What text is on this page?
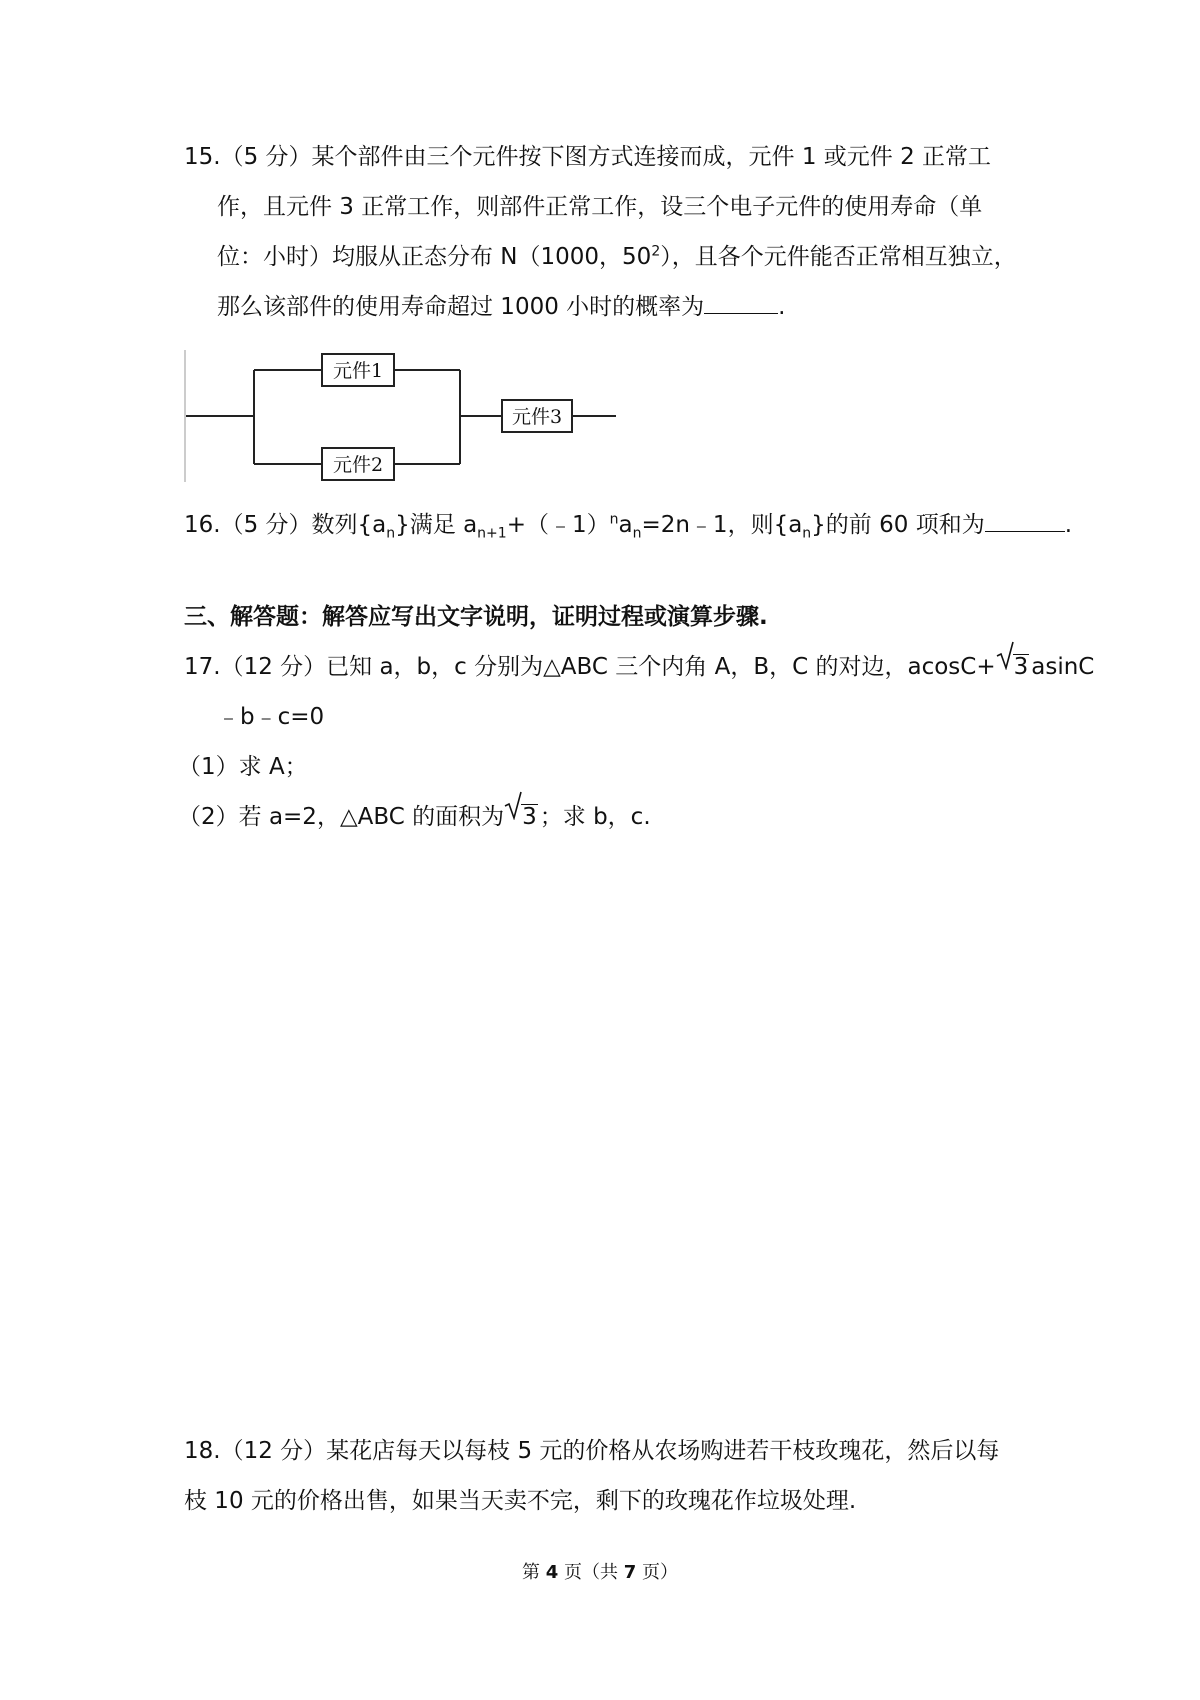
15.（5 分）某个部件由三个元件按下图方式连接而成，元件 1 或元件 2 正常工
作，且元件 3 正常工作，则部件正常工作，设三个电子元件的使用寿命（单
位：小时）均服从正态分布 N（1000，$50^2$），且各个元件能否正常相互独立，
那么该部件的使用寿命超过 1000 小时的概率为	.
元件1
元件2
元件3
16.（5 分）数列$\{a_n\}$满足 $a_{n+1}+(﹣1)^na_n=2n﹣1$，则$\{a_n\}$的前 60 项和为	.
三、解答题：解答应写出文字说明，证明过程或演算步骤.
17.（12 分）已知 a，b，c 分别为△ABC 三个内角 A，B，C 的对边，acosC+ 3 asinC
﹣b﹣c=0
（1）求 A；
（2）若 a=2，△ABC 的面积为 3 ；求 b，c.
18.（12 分）某花店每天以每枝 5 元的价格从农场购进若干枝玫瑰花，然后以每
枝 10 元的价格出售，如果当天卖不完，剩下的玫瑰花作垃圾处理.
第 4 页（共 7 页）
